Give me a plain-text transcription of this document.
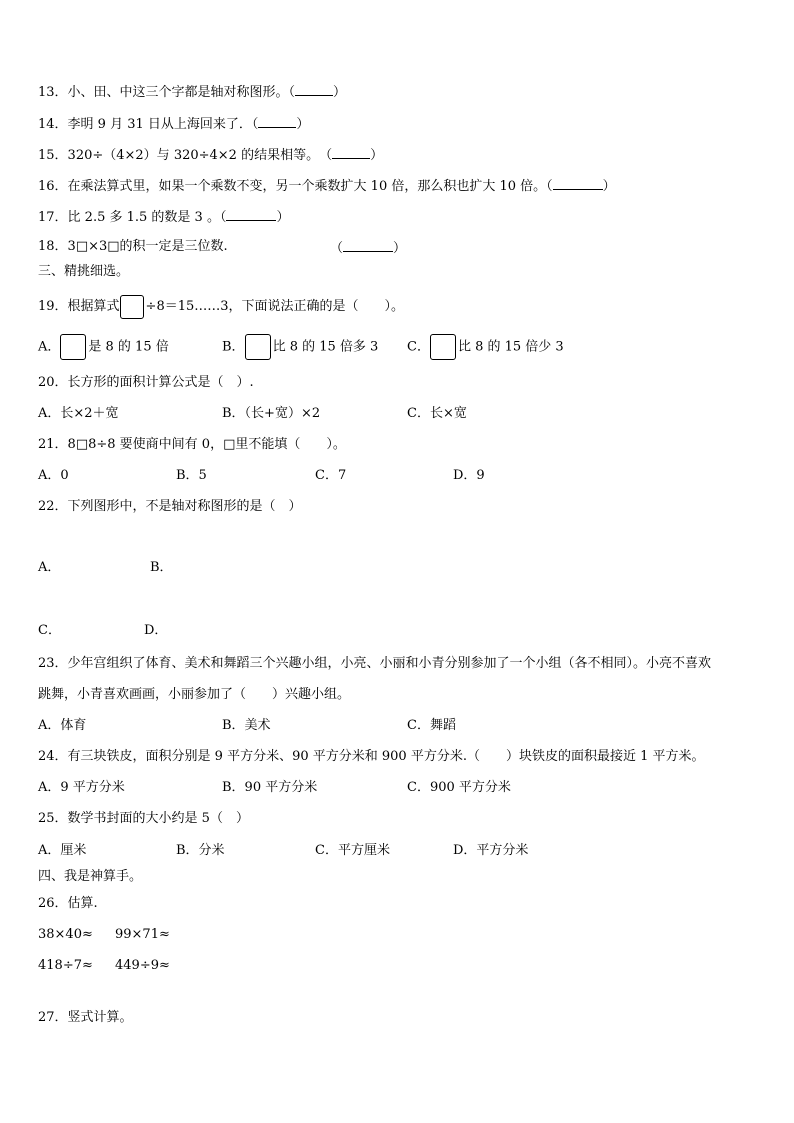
13．小、田、中这三个字都是轴对称图形。（	）
14．李明 9 月 31 日从上海回来了．（	）
15．320÷（4×2）与 320÷4×2 的结果相等。　（	）
16．在乘法算式里，如果一个乘数不变，另一个乘数扩大 10 倍，那么积也扩大 10 倍。（	）
17．比 2.5 多 1.5 的数是 3 。（	）
18．3□×3□的积一定是三位数.	（	）
三、精挑细选。
19．根据算式 ÷8＝15……3，下面说法正确的是（　　）。
A． 是 8 的 15 倍	B． 比 8 的 15 倍多 3 C． 比 8 的 15 倍少 3
20．长方形的面积计算公式是（　）.
A．长×2＋宽	B．（长+宽）×2	C．长×宽
21．8□8÷8 要使商中间有 0，□里不能填（　　）。
A．0	B．5	C．7	D．9
22．下列图形中，不是轴对称图形的是（　）
A．	B．
C．	D．
23．少年宫组织了体育、美术和舞蹈三个兴趣小组，小亮、小丽和小青分别参加了一个小组（各不相同）。小亮不喜欢
跳舞，小青喜欢画画，小丽参加了（　　）兴趣小组。
A．体育	B．美术	C．舞蹈
24．有三块铁皮，面积分别是 9 平方分米、90 平方分米和 900 平方分米.（　　）块铁皮的面积最接近 1 平方米。
A．9 平方分米	B．90 平方分米	C．900 平方分米
25．数学书封面的大小约是 5（　）
A．厘米	B．分米	C．平方厘米	D．平方分米
四、我是神算手。
26．估算.
38×40≈ 99×71≈
418÷7≈ 449÷9≈
27．竖式计算。
